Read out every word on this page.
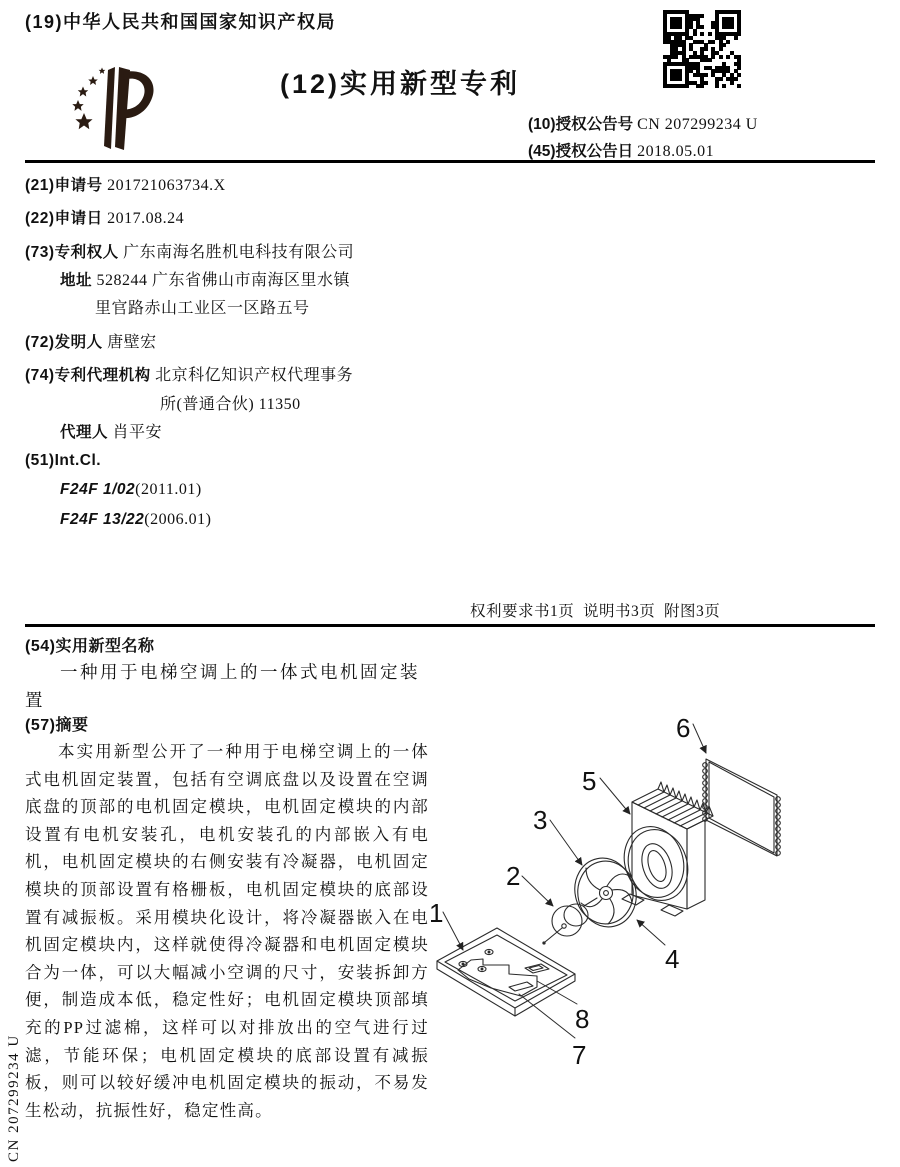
(19)中华人民共和国国家知识产权局
(12)实用新型专利
(10)授权公告号 CN 207299234 U
(45)授权公告日 2018.05.01
(21)申请号 201721063734.X
(22)申请日 2017.08.24
(73)专利权人 广东南海名胜机电科技有限公司
地址 528244 广东省佛山市南海区里水镇
里官路赤山工业区一区路五号
(72)发明人 唐壁宏
(74)专利代理机构 北京科亿知识产权代理事务
所(普通合伙) 11350
代理人 肖平安
(51)Int.Cl.
F24F 1/02(2011.01)
F24F 13/22(2006.01)
权利要求书1页  说明书3页  附图3页
(54)实用新型名称
一种用于电梯空调上的一体式电机固定装置
(57)摘要
本实用新型公开了一种用于电梯空调上的一体式电机固定装置，包括有空调底盘以及设置在空调底盘的顶部的电机固定模块，电机固定模块的内部设置有电机安装孔，电机安装孔的内部嵌入有电机，电机固定模块的右侧安装有冷凝器，电机固定模块的顶部设置有格栅板，电机固定模块的底部设置有减振板。采用模块化设计，将冷凝器嵌入在电机固定模块内，这样就使得冷凝器和电机固定模块合为一体，可以大幅减小空调的尺寸，安装拆卸方便，制造成本低，稳定性好；电机固定模块顶部填充的PP过滤棉，这样可以对排放出的空气进行过滤，节能环保；电机固定模块的底部设置有减振板，则可以较好缓冲电机固定模块的振动，不易发生松动，抗振性好，稳定性高。
1
2
3
4
5
6
7
8
CN 207299234 U
